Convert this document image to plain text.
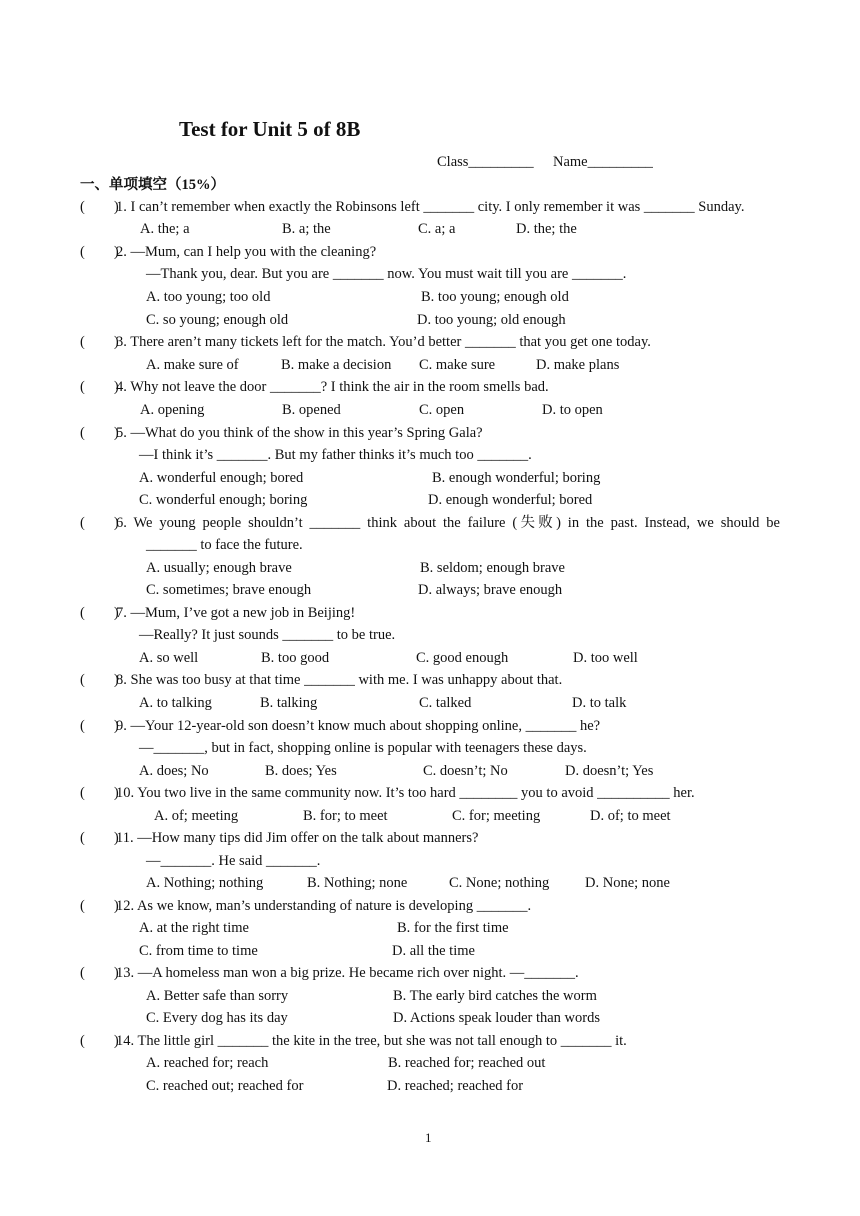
Test for Unit 5 of 8B
Class_________ Name_________
一、单项填空（15%）
(        )
1. I can’t remember when exactly the Robinsons left _______ city. I only remember it was _______ Sunday.
A. the; a	B. a; the	C. a; a	D. the; the
(        )
2. —Mum, can I help you with the cleaning?
—Thank you, dear. But you are _______ now. You must wait till you are _______.
A. too young; too old	B. too young; enough old
C. so young; enough old	D. too young; old enough
(        )
3. There aren’t many tickets left for the match. You’d better _______ that you get one today.
A. make sure of	B. make a decision C. make sure	D. make plans
(        )
4. Why not leave the door _______? I think the air in the room smells bad.
A. opening	B. opened	C. open	D. to open
(        )
5. —What do you think of the show in this year’s Spring Gala?
—I think it’s _______. But my father thinks it’s much too _______.
A. wonderful enough; bored	B. enough wonderful; boring
C. wonderful enough; boring	D. enough wonderful; bored
(        )
6. We young people shouldn’t _______ think about the failure (失败) in the past. Instead, we should be
_______ to face the future.
A. usually; enough brave	B. seldom; enough brave
C. sometimes; brave enough	D. always; brave enough
(        )
7. —Mum, I’ve got a new job in Beijing!
—Really? It just sounds _______ to be true.
A. so well	B. too good	C. good enough	D. too well
(        )
8. She was too busy at that time _______ with me. I was unhappy about that.
A. to talking	B. talking	C. talked	D. to talk
(        )
9. —Your 12-year-old son doesn’t know much about shopping online, _______ he?
—_______, but in fact, shopping online is popular with teenagers these days.
A. does; No	B. does; Yes	C. doesn’t; No	D. doesn’t; Yes
(        )
10. You two live in the same community now. It’s too hard ________ you to avoid __________ her.
A. of; meeting	B. for; to meet	C. for; meeting	D. of; to meet
(        )
11. —How many tips did Jim offer on the talk about manners?
—_______. He said _______.
A. Nothing; nothing	B. Nothing; none	C. None; nothing D. None; none
(        )
12. As we know, man’s understanding of nature is developing _______.
A. at the right time	B. for the first time
C. from time to time	D. all the time
(        )
13. —A homeless man won a big prize. He became rich over night. —_______.
A. Better safe than sorry	B. The early bird catches the worm
C. Every dog has its day	D. Actions speak louder than words
(        )
14. The little girl _______ the kite in the tree, but she was not tall enough to _______ it.
A. reached for; reach	B. reached for; reached out
C. reached out; reached for	D. reached; reached for
1
